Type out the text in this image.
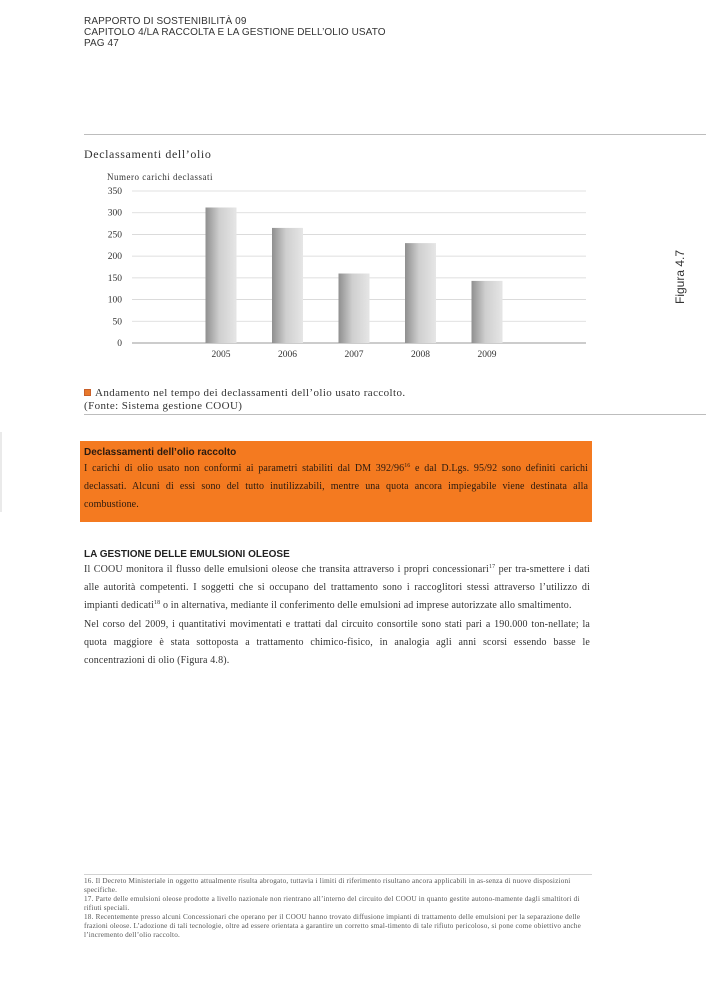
RAPPORTO DI SOSTENIBILITÀ 09
CAPITOLO 4/LA RACCOLTA E LA GESTIONE DELL’OLIO USATO
PAG 47
Declassamenti dell’olio
Numero carichi declassati
0
50
100
150
200
250
300
350
2005	2006	2007	2008	2009
Figura 4.7
Andamento nel tempo dei declassamenti dell’olio usato raccolto.
(Fonte: Sistema gestione COOU)
Declassamenti dell’olio raccolto
I carichi di olio usato non conformi ai parametri stabiliti dal DM $392/96^{16}$ e dal D.Lgs. 95/92 sono definiti carichi declassati. Alcuni di essi sono del tutto inutilizzabili, mentre una quota ancora impiegabile viene destinata alla combustione.
LA GESTIONE DELLE EMULSIONI OLEOSE

Il COOU monitora il flusso delle emulsioni oleose che transita attraverso i propri concessionari$^{17}$ per tra-smettere i dati alle autorità competenti. I soggetti che si occupano del trattamento sono i raccoglitori stessi attraverso l’utilizzo di impianti dedicati$^{18}$ o in alternativa, mediante il conferimento delle emulsioni ad imprese autorizzate allo smaltimento.

Nel corso del 2009, i quantitativi movimentati e trattati dal circuito consortile sono stati pari a 190.000 ton-nellate; la quota maggiore è stata sottoposta a trattamento chimico-fisico, in analogia agli anni scorsi essendo basse le concentrazioni di olio (Figura 4.8).

16. Il Decreto Ministeriale in oggetto attualmente risulta abrogato, tuttavia i limiti di riferimento risultano ancora applicabili in as-senza di nuove disposizioni specifiche.

17. Parte delle emulsioni oleose prodotte a livello nazionale non rientrano all’interno del circuito del COOU in quanto gestite autono-mamente dagli smaltitori di rifiuti speciali.

18. Recentemente presso alcuni Concessionari che operano per il COOU hanno trovato diffusione impianti di trattamento delle emulsioni per la separazione delle frazioni oleose. L’adozione di tali tecnologie, oltre ad essere orientata a garantire un corretto smal-timento di tale rifiuto pericoloso, si pone come obiettivo anche l’incremento dell’olio raccolto.
